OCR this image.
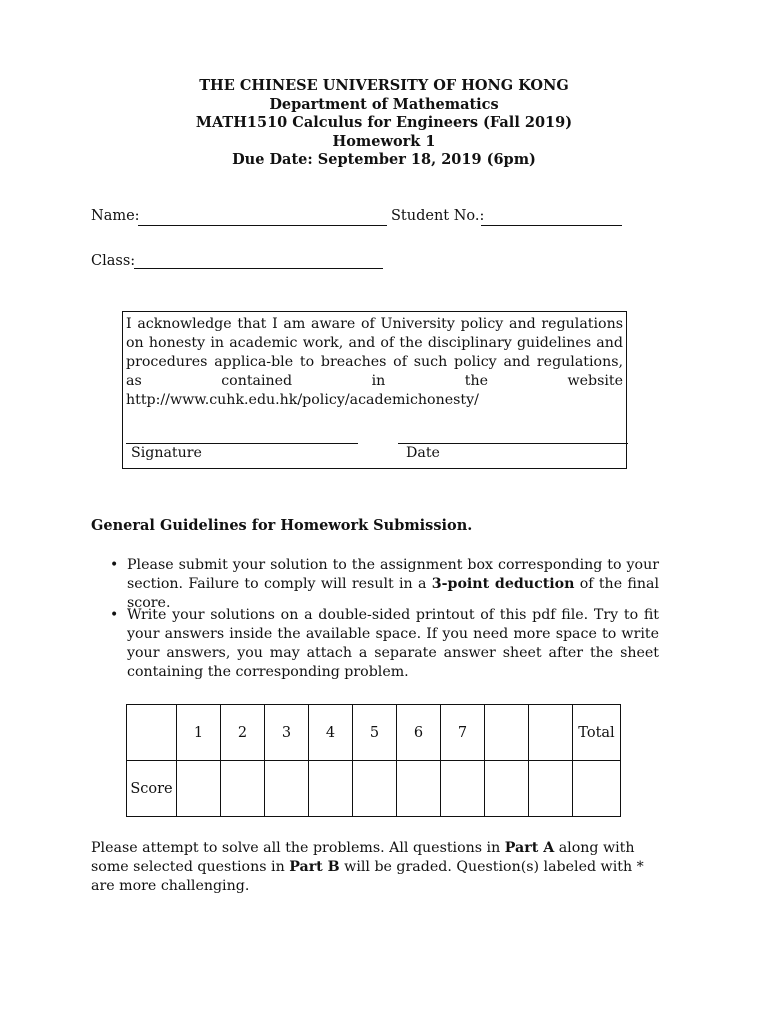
THE CHINESE UNIVERSITY OF HONG KONG
Department of Mathematics
MATH1510 Calculus for Engineers (Fall 2019)
Homework 1
Due Date: September 18, 2019 (6pm)
Name:	Student No.:
Class:
I acknowledge that I am aware of University policy and regulations on honesty in academic work, and of the disciplinary guidelines and procedures applica-ble to breaches of such policy and regulations, as contained in the website http://www.cuhk.edu.hk/policy/academichonesty/
Signature	Date
General Guidelines for Homework Submission.
• Please submit your solution to the assignment box corresponding to your section. Failure to comply will result in a 3-point deduction of the final score.
• Write your solutions on a double-sided printout of this pdf file. Try to fit your answers inside the available space. If you need more space to write your answers, you may attach a separate answer sheet after the sheet containing the corresponding problem.
	1	2	3	4	5	6	7			Total
Score										
Please attempt to solve all the problems. All questions in Part A along with some selected questions in Part B will be graded. Question(s) labeled with * are more challenging.
